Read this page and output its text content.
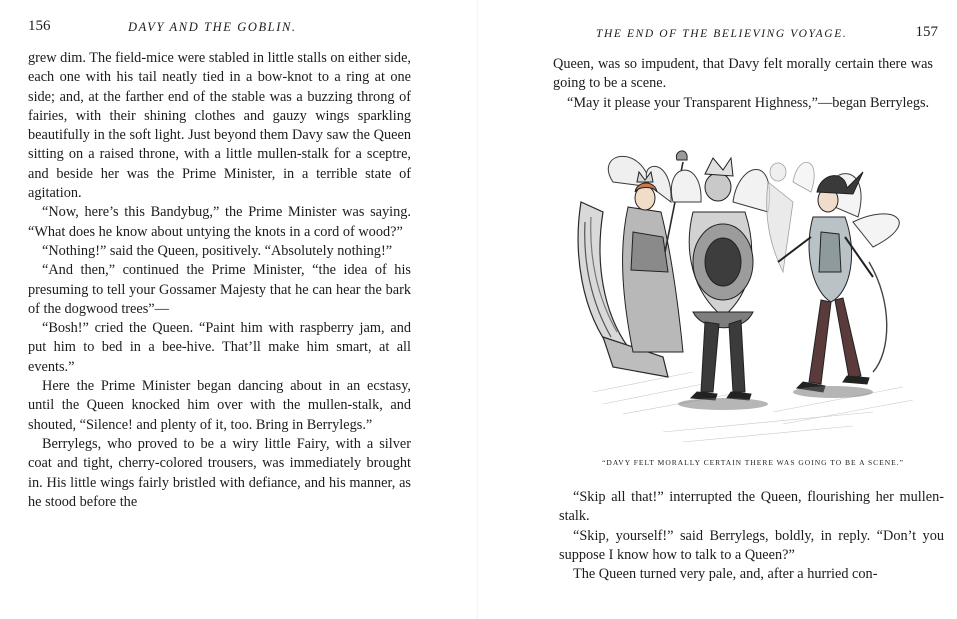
156	DAVY AND THE GOBLIN.

grew dim. The field-mice were stabled in little stalls on either side, each one with his tail neatly tied in a bow-knot to a ring at one side; and, at the farther end of the stable was a buzzing throng of fairies, with their shining clothes and gauzy wings sparkling beautifully in the soft light. Just beyond them Davy saw the Queen sitting on a raised throne, with a little mullen-stalk for a sceptre, and beside her was the Prime Minister, in a terrible state of agitation.

“Now, here’s this Bandybug,” the Prime Minister was saying. “What does he know about untying the knots in a cord of wood?”

“Nothing!” said the Queen, positively. “Absolutely nothing!”

“And then,” continued the Prime Minister, “the idea of his presuming to tell your Gossamer Majesty that he can hear the bark of the dogwood trees”—

“Bosh!” cried the Queen. “Paint him with raspberry jam, and put him to bed in a bee-hive. That’ll make him smart, at all events.”

Here the Prime Minister began dancing about in an ecstasy, until the Queen knocked him over with the mullen-stalk, and shouted, “Silence! and plenty of it, too. Bring in Berrylegs.”

Berrylegs, who proved to be a wiry little Fairy, with a silver coat and tight, cherry-colored trousers, was immediately brought in. His little wings fairly bristled with defiance, and his manner, as he stood before the

THE END OF THE BELIEVING VOYAGE.	157

Queen, was so impudent, that Davy felt morally certain there was going to be a scene.

“May it please your Transparent Highness,”—began Berrylegs.

“DAVY FELT MORALLY CERTAIN THERE WAS GOING TO BE A SCENE.”

“Skip all that!” interrupted the Queen, flourishing her mullen-stalk.

“Skip, yourself!” said Berrylegs, boldly, in reply. “Don’t you suppose I know how to talk to a Queen?”

The Queen turned very pale, and, after a hurried con-
